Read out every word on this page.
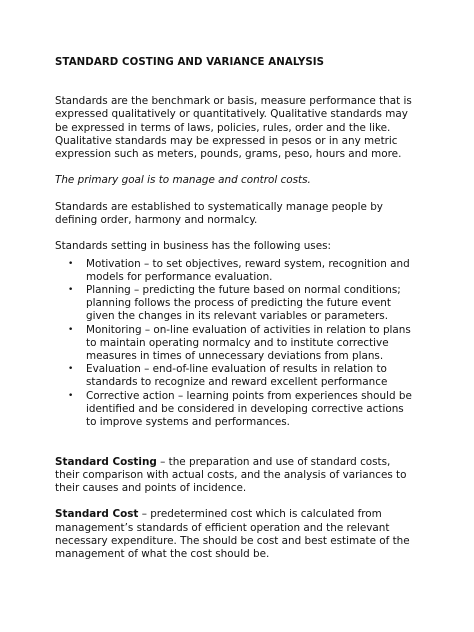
STANDARD COSTING AND VARIANCE ANALYSIS

Standards are the benchmark or basis, measure performance that is expressed qualitatively or quantitatively. Qualitative standards may be expressed in terms of laws, policies, rules, order and the like. Qualitative standards may be expressed in pesos or in any metric expression such as meters, pounds, grams, peso, hours and more.

The primary goal is to manage and control costs.

Standards are established to systematically manage people by defining order, harmony and normalcy.

Standards setting in business has the following uses:

• Motivation – to set objectives, reward system, recognition and models for performance evaluation.
• Planning – predicting the future based on normal conditions; planning follows the process of predicting the future event given the changes in its relevant variables or parameters.
• Monitoring – on-line evaluation of activities in relation to plans to maintain operating normalcy and to institute corrective measures in times of unnecessary deviations from plans.
• Evaluation – end-of-line evaluation of results in relation to standards to recognize and reward excellent performance
• Corrective action – learning points from experiences should be identified and be considered in developing corrective actions to improve systems and performances.

Standard Costing – the preparation and use of standard costs, their comparison with actual costs, and the analysis of variances to their causes and points of incidence.

Standard Cost – predetermined cost which is calculated from management’s standards of efficient operation and the relevant necessary expenditure. The should be cost and best estimate of the management of what the cost should be.
